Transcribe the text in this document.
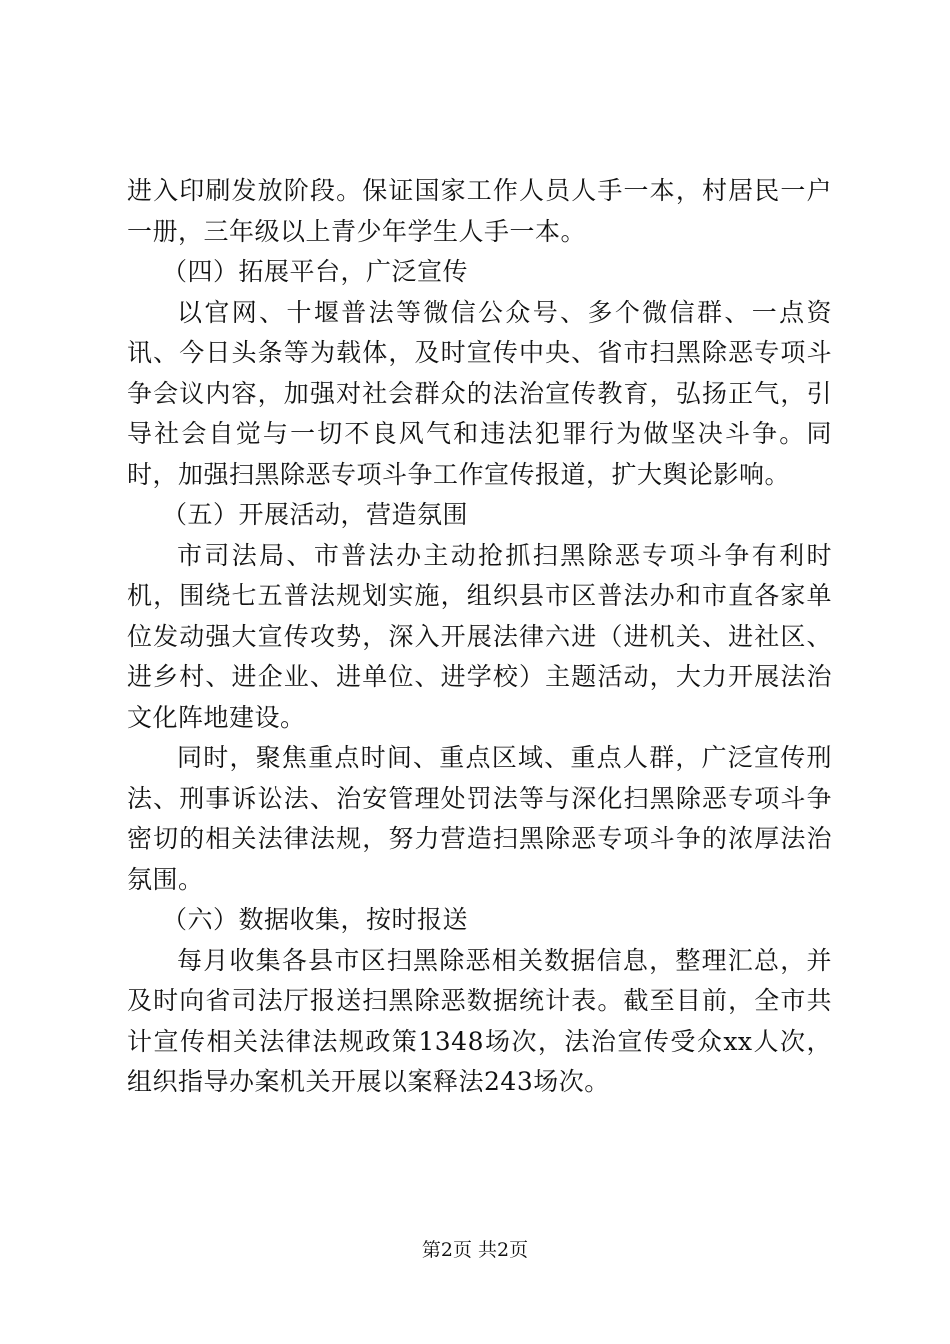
进入印刷发放阶段。保证国家工作人员人手一本，村居民一户一册，三年级以上青少年学生人手一本。

（四）拓展平台，广泛宣传

以官网、十堰普法等微信公众号、多个微信群、一点资讯、今日头条等为载体，及时宣传中央、省市扫黑除恶专项斗争会议内容，加强对社会群众的法治宣传教育，弘扬正气，引导社会自觉与一切不良风气和违法犯罪行为做坚决斗争。同时，加强扫黑除恶专项斗争工作宣传报道，扩大舆论影响。

（五）开展活动，营造氛围

市司法局、市普法办主动抢抓扫黑除恶专项斗争有利时机，围绕七五普法规划实施，组织县市区普法办和市直各家单位发动强大宣传攻势，深入开展法律六进（进机关、进社区、进乡村、进企业、进单位、进学校）主题活动，大力开展法治文化阵地建设。

同时，聚焦重点时间、重点区域、重点人群，广泛宣传刑法、刑事诉讼法、治安管理处罚法等与深化扫黑除恶专项斗争密切的相关法律法规，努力营造扫黑除恶专项斗争的浓厚法治氛围。

（六）数据收集，按时报送

每月收集各县市区扫黑除恶相关数据信息，整理汇总，并及时向省司法厅报送扫黑除恶数据统计表。截至目前，全市共计宣传相关法律法规政策1348场次，法治宣传受众xx人次，组织指导办案机关开展以案释法243场次。

第2页 共2页
